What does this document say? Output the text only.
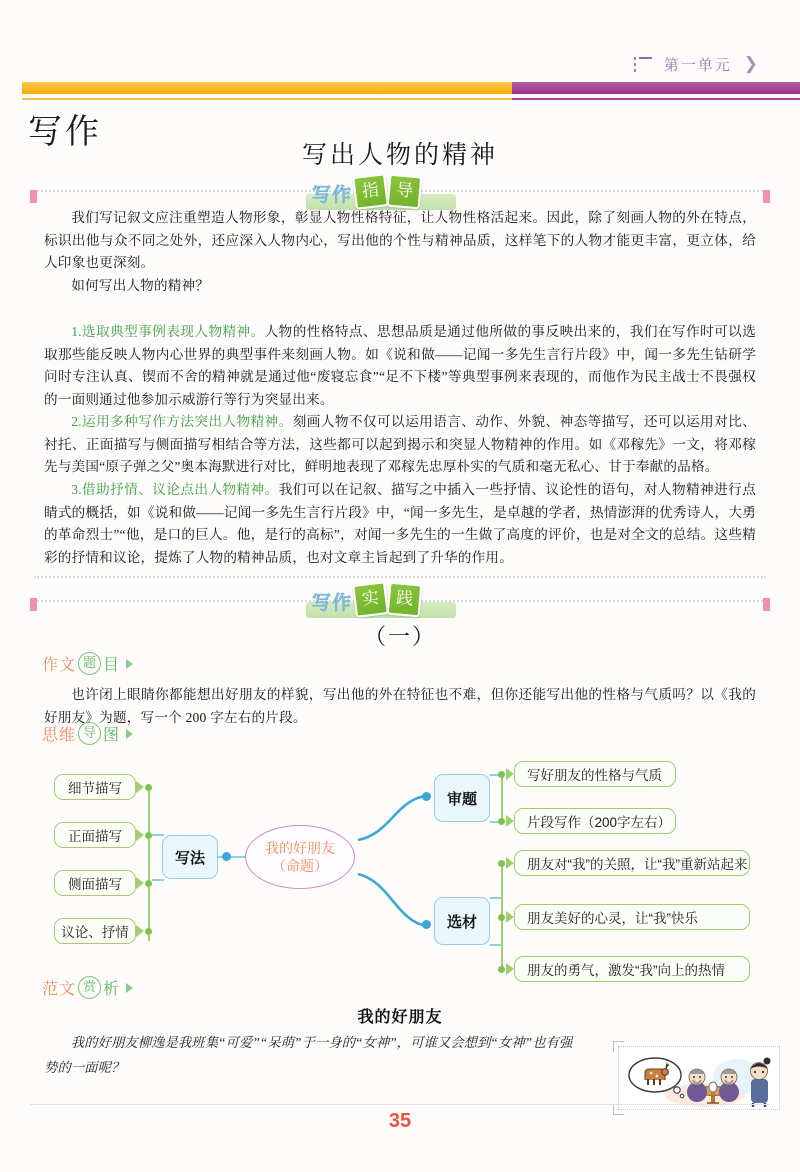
第一单元 ❯
写作
写出人物的精神
写作 指 导

我们写记叙文应注重塑造人物形象，彰显人物性格特征，让人物性格活起来。因此，除了刻画人物的外在特点，标识出他与众不同之处外，还应深入人物内心，写出他的个性与精神品质，这样笔下的人物才能更丰富，更立体，给人印象也更深刻。

如何写出人物的精神？

1.选取典型事例表现人物精神。人物的性格特点、思想品质是通过他所做的事反映出来的，我们在写作时可以选取那些能反映人物内心世界的典型事件来刻画人物。如《说和做——记闻一多先生言行片段》中，闻一多先生钻研学问时专注认真、锲而不舍的精神就是通过他“废寝忘食”“足不下楼”等典型事例来表现的，而他作为民主战士不畏强权的一面则通过他参加示威游行等行为突显出来。

2.运用多种写作方法突出人物精神。刻画人物不仅可以运用语言、动作、外貌、神态等描写，还可以运用对比、衬托、正面描写与侧面描写相结合等方法，这些都可以起到揭示和突显人物精神的作用。如《邓稼先》一文，将邓稼先与美国“原子弹之父”奥本海默进行对比，鲜明地表现了邓稼先忠厚朴实的气质和毫无私心、甘于奉献的品格。

3.借助抒情、议论点出人物精神。我们可以在记叙、描写之中插入一些抒情、议论性的语句，对人物精神进行点睛式的概括，如《说和做——记闻一多先生言行片段》中，“闻一多先生，是卓越的学者，热情澎湃的优秀诗人，大勇的革命烈士”“他，是口的巨人。他，是行的高标”，对闻一多先生的一生做了高度的评价，也是对全文的总结。这些精彩的抒情和议论，提炼了人物的精神品质，也对文章主旨起到了升华的作用。

写作 实 践
（一）
作文 题 目

也许闭上眼睛你都能想出好朋友的样貌，写出他的外在特征也不难，但你还能写出他的性格与气质吗？以《我的好朋友》为题，写一个 200 字左右的片段。

思维 导 图
细节描写
正面描写
侧面描写
议论、抒情
写法
我的好朋友
（命题）
审题
写好朋友的性格与气质
片段写作（200字左右）
选材
朋友对“我”的关照，让“我”重新站起来
朋友美好的心灵，让“我”快乐
朋友的勇气，激发“我”向上的热情
范文 赏 析
我的好朋友

我的好朋友柳逸是我班集“可爱”“呆萌”于一身的“女神”，可谁又会想到“女神”也有强势的一面呢？

35
